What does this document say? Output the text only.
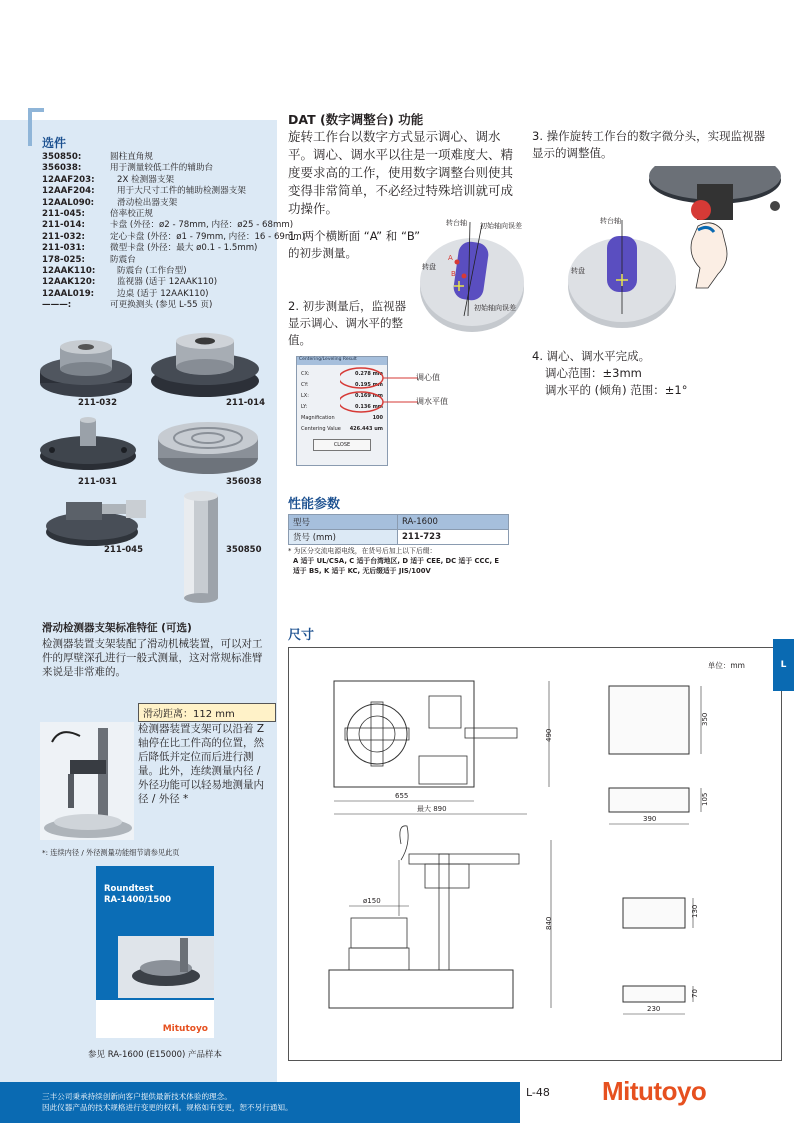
选件
350850:	圆柱直角规
356038:	用于测量较低工件的辅助台
12AAF203:	2X 检测器支架
12AAF204:	用于大尺寸工件的辅助检测器支架
12AAL090:	滑动检出器支架
211-045:	倍率校正规
211-014:	卡盘 (外径：ø2 - 78mm, 内径：ø25 - 68mm)
211-032:	定心卡盘 (外径：ø1 - 79mm, 内径：16 - 69mm)
211-031:	微型卡盘 (外径：最大 ø0.1 - 1.5mm)
178-025:	防震台
12AAK110:	防震台 (工作台型)
12AAK120:	监视器 (适于 12AAK110)
12AAL019:	边桌 (适于 12AAK110)
———:	可更换测头 (参见 L-55 页)
211-032	211-014
211-031	356038
211-045	350850
滑动检测器支架标准特征 (可选)
检测器装置支架装配了滑动机械装置，可以对工件的厚壁深孔进行一般式测量，这对常规标准臂来说是非常难的。
滑动距离：112 mm
检测器装置支架可以沿着 Z 轴停在比工件高的位置，然后降低并定位而后进行测量。此外，连续测量内径 / 外径功能可以轻易地测量内径 / 外径 *
*: 连续内径 / 外径测量功能细节请参见此页
Roundtest
RA-1400/1500
Mitutoyo
参见 RA-1600 (E15000) 产品样本
DAT (数字调整台) 功能
旋转工作台以数字方式显示调心、调水平。调心、调水平以往是一项难度大、精度要求高的工作，使用数字调整台则使其变得非常简单，不必经过特殊培训就可成功操作。
1. 两个横断面 “A” 和 “B” 的初步测量。
转台轴 初始轴向误差
转盘
A
B
初始轴向误差
2. 初步测量后，监视器显示调心、调水平的整值。
Centering/Leveling Result
CX:	0.278 mm
CY:	0.195 mm
LX:	0.169 mm
LY:	0.136 mm
Magnification	100
Centering Value 426.443 um
CLOSE
调心值
调水平值
3. 操作旋转工作台的数字微分头，实现监视器显示的调整值。
转台轴
转盘
4. 调心、调水平完成。
调心范围：±3mm
调水平的 (倾角) 范围：±1°
性能参数
型号	RA-1600
货号 (mm)	211-723
* 为区分交流电源电线，在货号后加上以下后缀：
A 适于 UL/CSA, C 适于台湾地区, D 适于 CEE, DC 适于 CCC, E
适于 BS, K 适于 KC, 无后缀适于 JIS/100V
尺寸
单位：mm
490
655
最大 890
350
390
105
ø150
840
130
70
230
L
三丰公司秉承持续创新向客户提供最新技术体验的理念。
因此仪器产品的技术规格进行变更的权利。规格如有变更，恕不另行通知。
L-48 Mitutoyo
